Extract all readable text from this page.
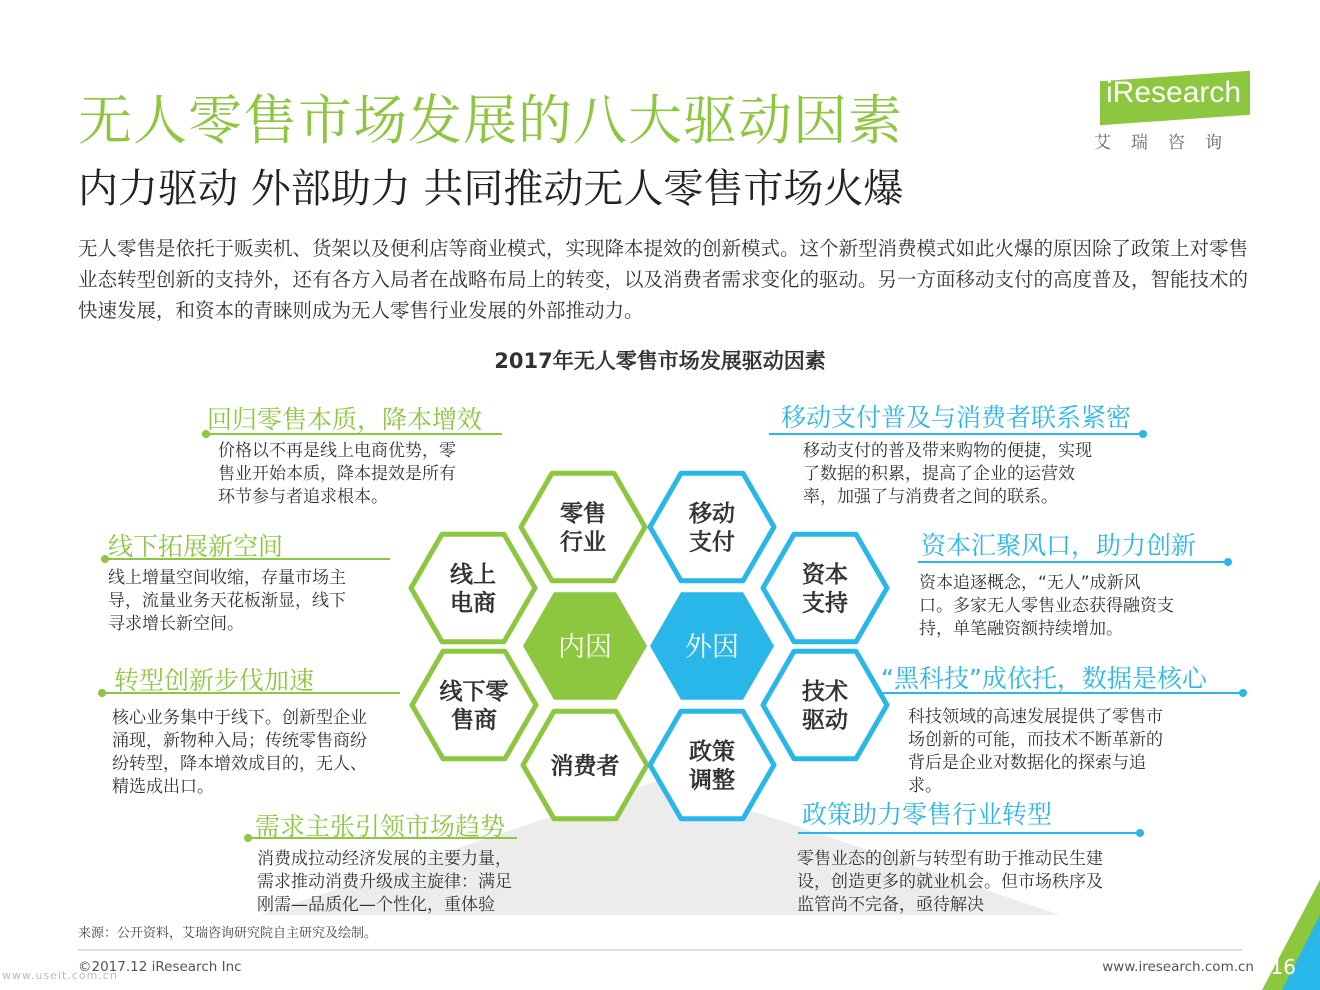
无人零售市场发展的八大驱动因素
内力驱动 外部助力 共同推动无人零售市场火爆
无人零售是依托于贩卖机、货架以及便利店等商业模式，实现降本提效的创新模式。这个新型消费模式如此火爆的原因除了政策上对零售业态转型创新的支持外，还有各方入局者在战略布局上的转变，以及消费者需求变化的驱动。另一方面移动支付的高度普及，智能技术的快速发展，和资本的青睐则成为无人零售行业发展的外部推动力。
iResearch
艾瑞咨询
2017年无人零售市场发展驱动因素
零售
行业
线上
电商
线下零
售商
消费者
移动
支付
资本
支持
技术
驱动
政策
调整
内因	外因
回归零售本质，降本增效
价格以不再是线上电商优势，零
售业开始本质，降本提效是所有
环节参与者追求根本。
线下拓展新空间
线上增量空间收缩，存量市场主
导，流量业务天花板渐显，线下
寻求增长新空间。
转型创新步伐加速
核心业务集中于线下。创新型企业
涌现，新物种入局；传统零售商纷
纷转型，降本增效成目的，无人、
精选成出口。
需求主张引领市场趋势
消费成拉动经济发展的主要力量，
需求推动消费升级成主旋律：满足
刚需—品质化—个性化，重体验
移动支付普及与消费者联系紧密
移动支付的普及带来购物的便捷，实现
了数据的积累，提高了企业的运营效
率，加强了与消费者之间的联系。
资本汇聚风口，助力创新
资本追逐概念，“无人”成新风
口。多家无人零售业态获得融资支
持，单笔融资额持续增加。
“黑科技”成依托，数据是核心
科技领域的高速发展提供了零售市
场创新的可能，而技术不断革新的
背后是企业对数据化的探索与追
求。
政策助力零售行业转型
零售业态的创新与转型有助于推动民生建
设，创造更多的就业机会。但市场秩序及
监管尚不完备，亟待解决
来源：公开资料，艾瑞咨询研究院自主研究及绘制。
©2017.12 iResearch Inc	www.iresearch.com.cn 16
www.useit.com.cn
